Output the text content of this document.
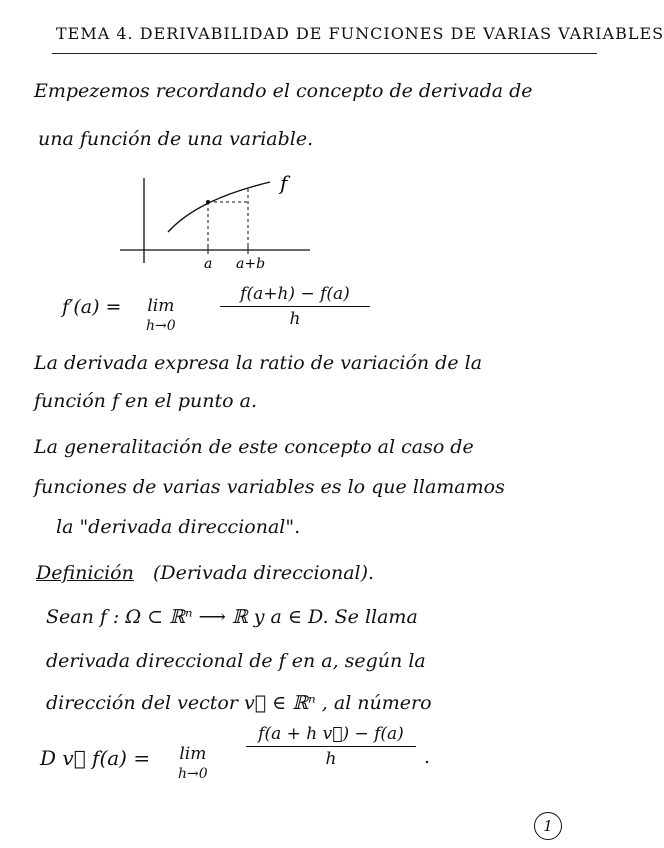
TEMA 4. DERIVABILIDAD DE FUNCIONES DE VARIAS VARIABLES
Empezemos recordando el concepto de derivada de
una función de una variable.
a a+b
f
f′(a) = lim
h→0
f(a+h) − f(a)
h
La derivada expresa la ratio de variación de la
función f en el punto a.
La generalitación de este concepto al caso de
funciones de varias variables es lo que llamamos
la "derivada direccional".
Definición (Derivada direccional).
Sean f : Ω ⊂ ℝⁿ ⟶ ℝ y a ∈ D. Se llama
derivada direccional de f en a, según la
dirección del vector v⃗ ∈ ℝⁿ , al número
D v⃗ f(a) = lim
h→0
f(a + h v⃗) − f(a)
h	.
1
